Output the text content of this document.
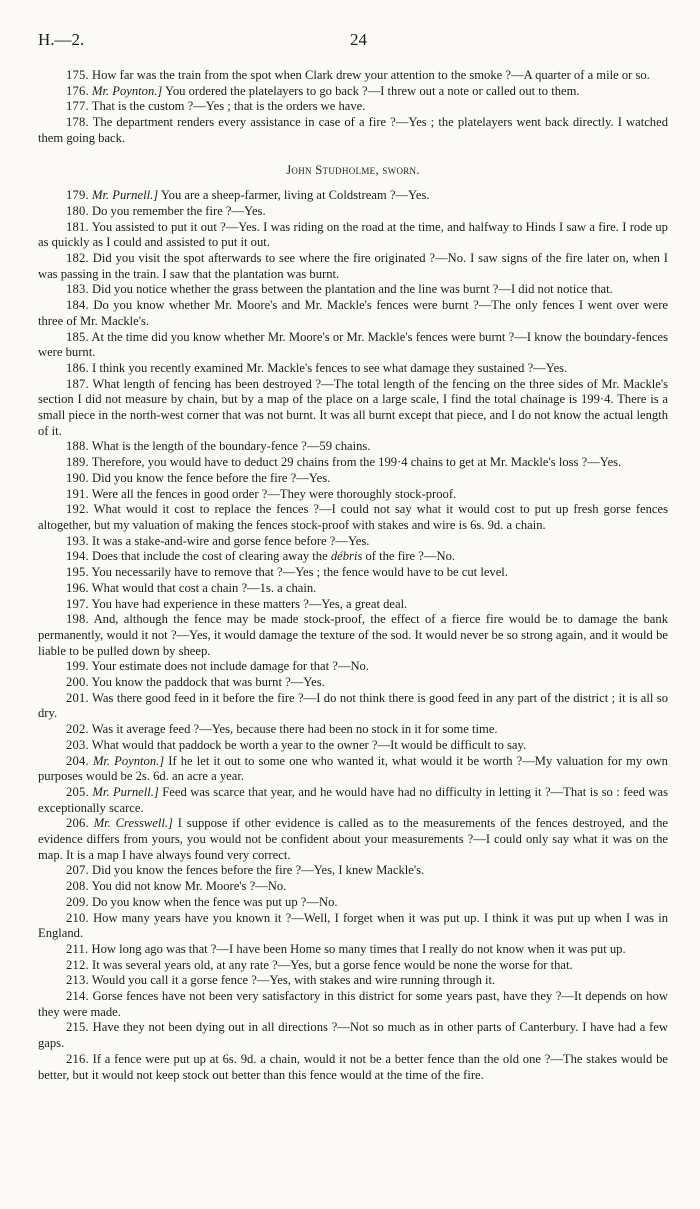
H.—2.	24

175. How far was the train from the spot when Clark drew your attention to the smoke ?—A quarter of a mile or so.

176. Mr. Poynton.] You ordered the platelayers to go back ?—I threw out a note or called out to them.

177. That is the custom ?—Yes ; that is the orders we have.

178. The department renders every assistance in case of a fire ?—Yes ; the platelayers went back directly. I watched them going back.

John Studholme, sworn.

179. Mr. Purnell.] You are a sheep-farmer, living at Coldstream ?—Yes.

180. Do you remember the fire ?—Yes.

181. You assisted to put it out ?—Yes. I was riding on the road at the time, and halfway to Hinds I saw a fire. I rode up as quickly as I could and assisted to put it out.

182. Did you visit the spot afterwards to see where the fire originated ?—No. I saw signs of the fire later on, when I was passing in the train. I saw that the plantation was burnt.

183. Did you notice whether the grass between the plantation and the line was burnt ?—I did not notice that.

184. Do you know whether Mr. Moore's and Mr. Mackle's fences were burnt ?—The only fences I went over were three of Mr. Mackle's.

185. At the time did you know whether Mr. Moore's or Mr. Mackle's fences were burnt ?—I know the boundary-fences were burnt.

186. I think you recently examined Mr. Mackle's fences to see what damage they sustained ?—Yes.

187. What length of fencing has been destroyed ?—The total length of the fencing on the three sides of Mr. Mackle's section I did not measure by chain, but by a map of the place on a large scale, I find the total chainage is 199·4. There is a small piece in the north-west corner that was not burnt. It was all burnt except that piece, and I do not know the actual length of it.

188. What is the length of the boundary-fence ?—59 chains.

189. Therefore, you would have to deduct 29 chains from the 199·4 chains to get at Mr. Mackle's loss ?—Yes.

190. Did you know the fence before the fire ?—Yes.

191. Were all the fences in good order ?—They were thoroughly stock-proof.

192. What would it cost to replace the fences ?—I could not say what it would cost to put up fresh gorse fences altogether, but my valuation of making the fences stock-proof with stakes and wire is 6s. 9d. a chain.

193. It was a stake-and-wire and gorse fence before ?—Yes.

194. Does that include the cost of clearing away the débris of the fire ?—No.

195. You necessarily have to remove that ?—Yes ; the fence would have to be cut level.

196. What would that cost a chain ?—1s. a chain.

197. You have had experience in these matters ?—Yes, a great deal.

198. And, although the fence may be made stock-proof, the effect of a fierce fire would be to damage the bank permanently, would it not ?—Yes, it would damage the texture of the sod. It would never be so strong again, and it would be liable to be pulled down by sheep.

199. Your estimate does not include damage for that ?—No.

200. You know the paddock that was burnt ?—Yes.

201. Was there good feed in it before the fire ?—I do not think there is good feed in any part of the district ; it is all so dry.

202. Was it average feed ?—Yes, because there had been no stock in it for some time.

203. What would that paddock be worth a year to the owner ?—It would be difficult to say.

204. Mr. Poynton.] If he let it out to some one who wanted it, what would it be worth ?—My valuation for my own purposes would be 2s. 6d. an acre a year.

205. Mr. Purnell.] Feed was scarce that year, and he would have had no difficulty in letting it ?—That is so : feed was exceptionally scarce.

206. Mr. Cresswell.] I suppose if other evidence is called as to the measurements of the fences destroyed, and the evidence differs from yours, you would not be confident about your measurements ?—I could only say what it was on the map. It is a map I have always found very correct.

207. Did you know the fences before the fire ?—Yes, I knew Mackle's.

208. You did not know Mr. Moore's ?—No.

209. Do you know when the fence was put up ?—No.

210. How many years have you known it ?—Well, I forget when it was put up. I think it was put up when I was in England.

211. How long ago was that ?—I have been Home so many times that I really do not know when it was put up.

212. It was several years old, at any rate ?—Yes, but a gorse fence would be none the worse for that.

213. Would you call it a gorse fence ?—Yes, with stakes and wire running through it.

214. Gorse fences have not been very satisfactory in this district for some years past, have they ?—It depends on how they were made.

215. Have they not been dying out in all directions ?—Not so much as in other parts of Canterbury. I have had a few gaps.

216. If a fence were put up at 6s. 9d. a chain, would it not be a better fence than the old one ?—The stakes would be better, but it would not keep stock out better than this fence would at the time of the fire.
